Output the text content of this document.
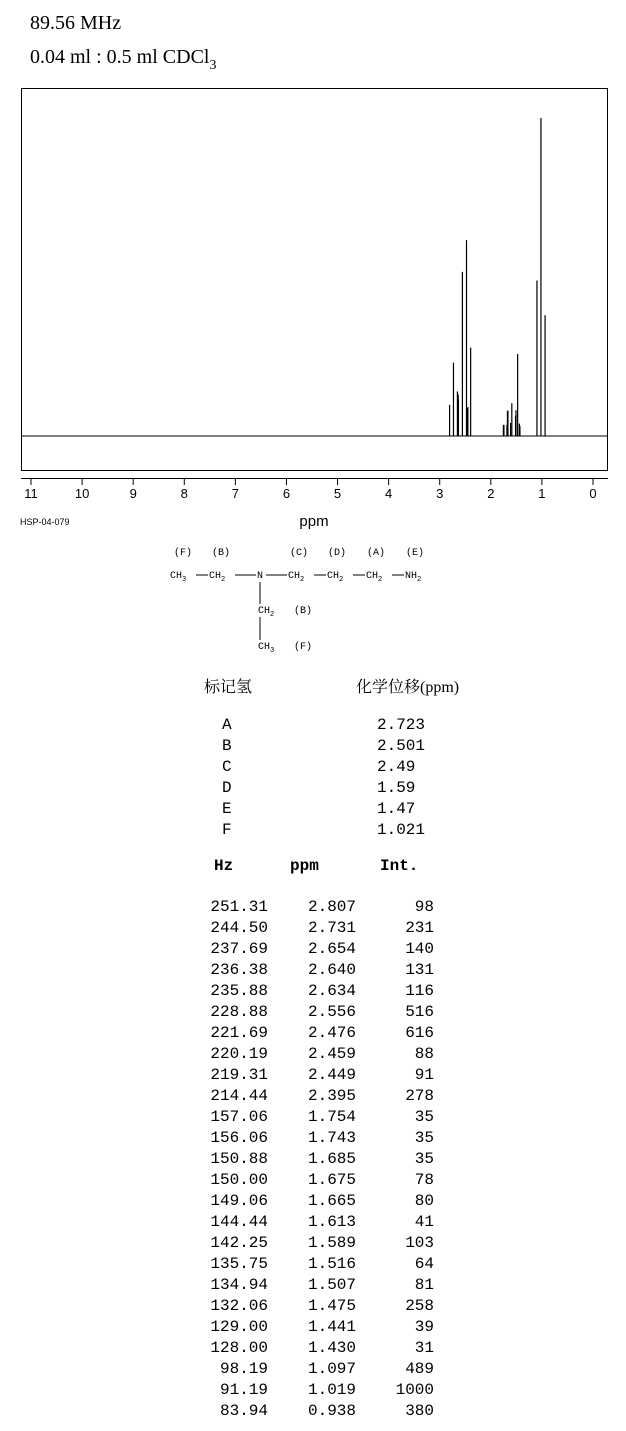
89.56 MHz
0.04 ml : 0.5 ml CDCl$_3$
11	10	9	8	7	6	5	4	3	2	1	0
ppm
HSP-04-079
(F) (B)	(C) (D) (A) (E)
$CH_3$ $CH_2$	N $CH_2$ $CH_2$ $CH_2$ $NH_2$
$CH_2$ (B)
$CH_3$ (F)
标记氢	化学位移(ppm)
A	2.723
B	2.501
C	2.49
D	1.59
E	1.47
F	1.021
Hz	ppm	Int.
251.31 2.807	98
244.50 2.731	231
237.69 2.654	140
236.38 2.640	131
235.88 2.634	116
228.88 2.556	516
221.69 2.476	616
220.19 2.459	88
219.31 2.449	91
214.44 2.395	278
157.06 1.754	35
156.06 1.743	35
150.88 1.685	35
150.00 1.675	78
149.06 1.665	80
144.44 1.613	41
142.25 1.589	103
135.75 1.516	64
134.94 1.507	81
132.06 1.475	258
129.00 1.441	39
128.00 1.430	31
98.19 1.097	489
91.19 1.019 1000
83.94 0.938	380
